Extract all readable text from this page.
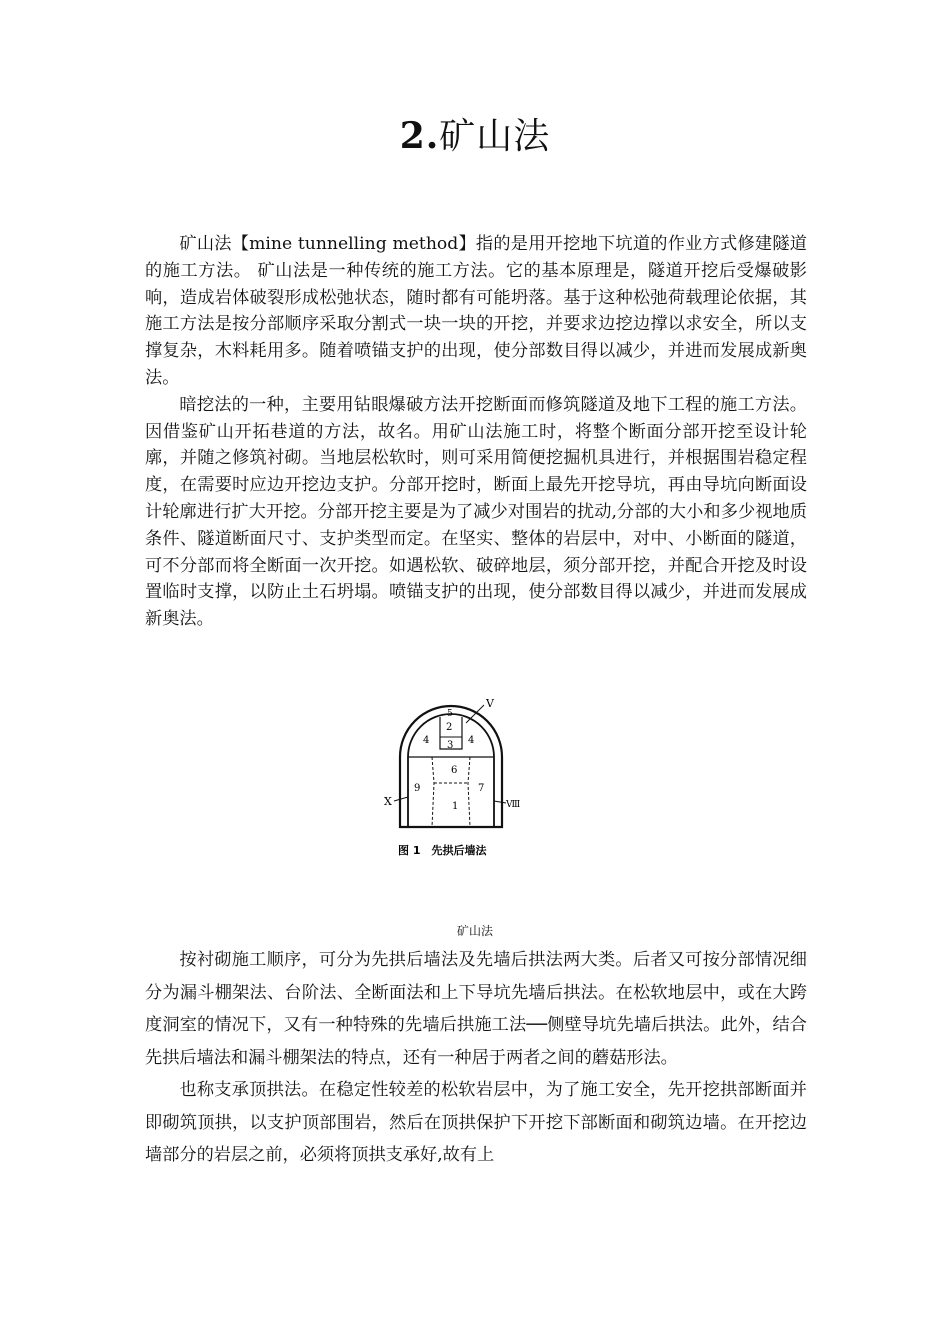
2.矿山法

矿山法【mine tunnelling method】指的是用开挖地下坑道的作业方式修建隧道的施工方法。 矿山法是一种传统的施工方法。它的基本原理是，隧道开挖后受爆破影响，造成岩体破裂形成松弛状态，随时都有可能坍落。基于这种松弛荷载理论依据，其施工方法是按分部顺序采取分割式一块一块的开挖，并要求边挖边撑以求安全，所以支撑复杂，木料耗用多。随着喷锚支护的出现，使分部数目得以减少，并进而发展成新奥法。

暗挖法的一种，主要用钻眼爆破方法开挖断面而修筑隧道及地下工程的施工方法。因借鉴矿山开拓巷道的方法，故名。用矿山法施工时，将整个断面分部开挖至设计轮廓，并随之修筑衬砌。当地层松软时，则可采用简便挖掘机具进行，并根据围岩稳定程度，在需要时应边开挖边支护。分部开挖时，断面上最先开挖导坑，再由导坑向断面设计轮廓进行扩大开挖。分部开挖主要是为了减少对围岩的扰动,分部的大小和多少视地质条件、隧道断面尺寸、支护类型而定。在坚实、整体的岩层中，对中、小断面的隧道，可不分部而将全断面一次开挖。如遇松软、破碎地层，须分部开挖，并配合开挖及时设置临时支撑，以防止土石坍塌。喷锚支护的出现，使分部数目得以减少，并进而发展成新奥法。

V
X	Ⅷ
2
3
4	4
5
6
9	7
1
图 1　先拱后墙法
矿山法

按衬砌施工顺序，可分为先拱后墙法及先墙后拱法两大类。后者又可按分部情况细分为漏斗棚架法、台阶法、全断面法和上下导坑先墙后拱法。在松软地层中，或在大跨度洞室的情况下，又有一种特殊的先墙后拱施工法──侧壁导坑先墙后拱法。此外，结合先拱后墙法和漏斗棚架法的特点，还有一种居于两者之间的蘑菇形法。

也称支承顶拱法。在稳定性较差的松软岩层中，为了施工安全，先开挖拱部断面并即砌筑顶拱，以支护顶部围岩，然后在顶拱保护下开挖下部断面和砌筑边墙。在开挖边墙部分的岩层之前，必须将顶拱支承好,故有上
